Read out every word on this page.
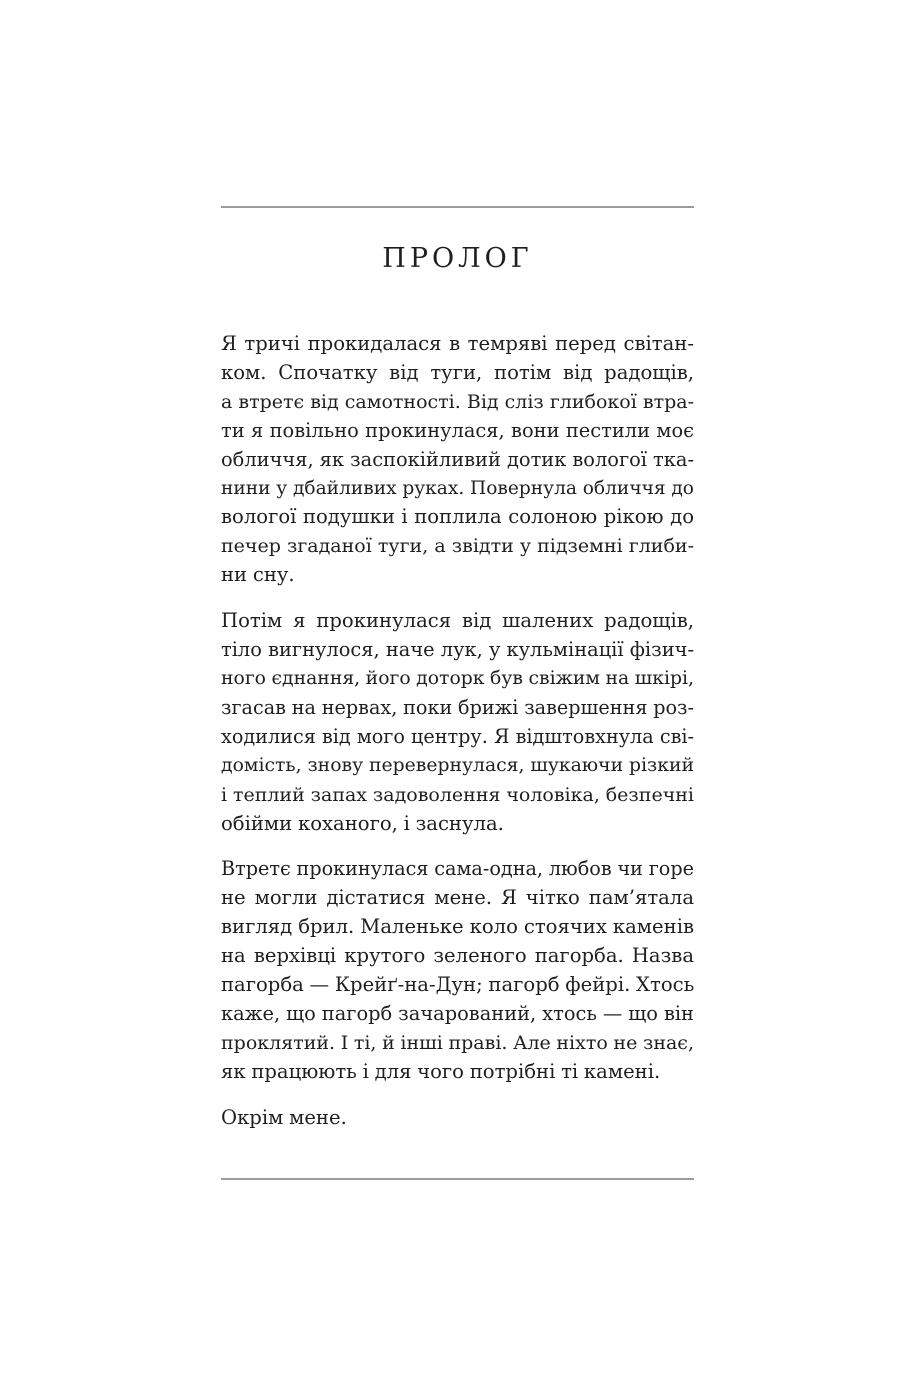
ПРОЛОГ

Я тричі прокидалася в темряві перед світан-
ком. Спочатку від туги, потім від радощів,
а втретє від самотності. Від сліз глибокої втра-
ти я повільно прокинулася, вони пестили моє
обличчя, як заспокійливий дотик вологої тка-
нини у дбайливих руках. Повернула обличчя до
вологої подушки і поплила солоною рікою до
печер згаданої туги, а звідти у підземні глиби-
ни сну.

Потім я прокинулася від шалених радощів,
тіло вигнулося, наче лук, у кульмінації фізич-
ного єднання, його доторк був свіжим на шкірі,
згасав на нервах, поки брижі завершення роз-
ходилися від мого центру. Я відштовхнула сві-
домість, знову перевернулася, шукаючи різкий
і теплий запах задоволення чоловіка, безпечні
обійми коханого, і заснула.

Втретє прокинулася сама-одна, любов чи горе
не могли дістатися мене. Я чітко пам’ятала
вигляд брил. Маленьке коло стоячих каменів
на верхівці крутого зеленого пагорба. Назва
пагорба — Крейґ-на-Дун; пагорб фейрі. Хтось
каже, що пагорб зачарований, хтось — що він
проклятий. І ті, й інші праві. Але ніхто не знає,
як працюють і для чого потрібні ті камені.

Окрім мене.
